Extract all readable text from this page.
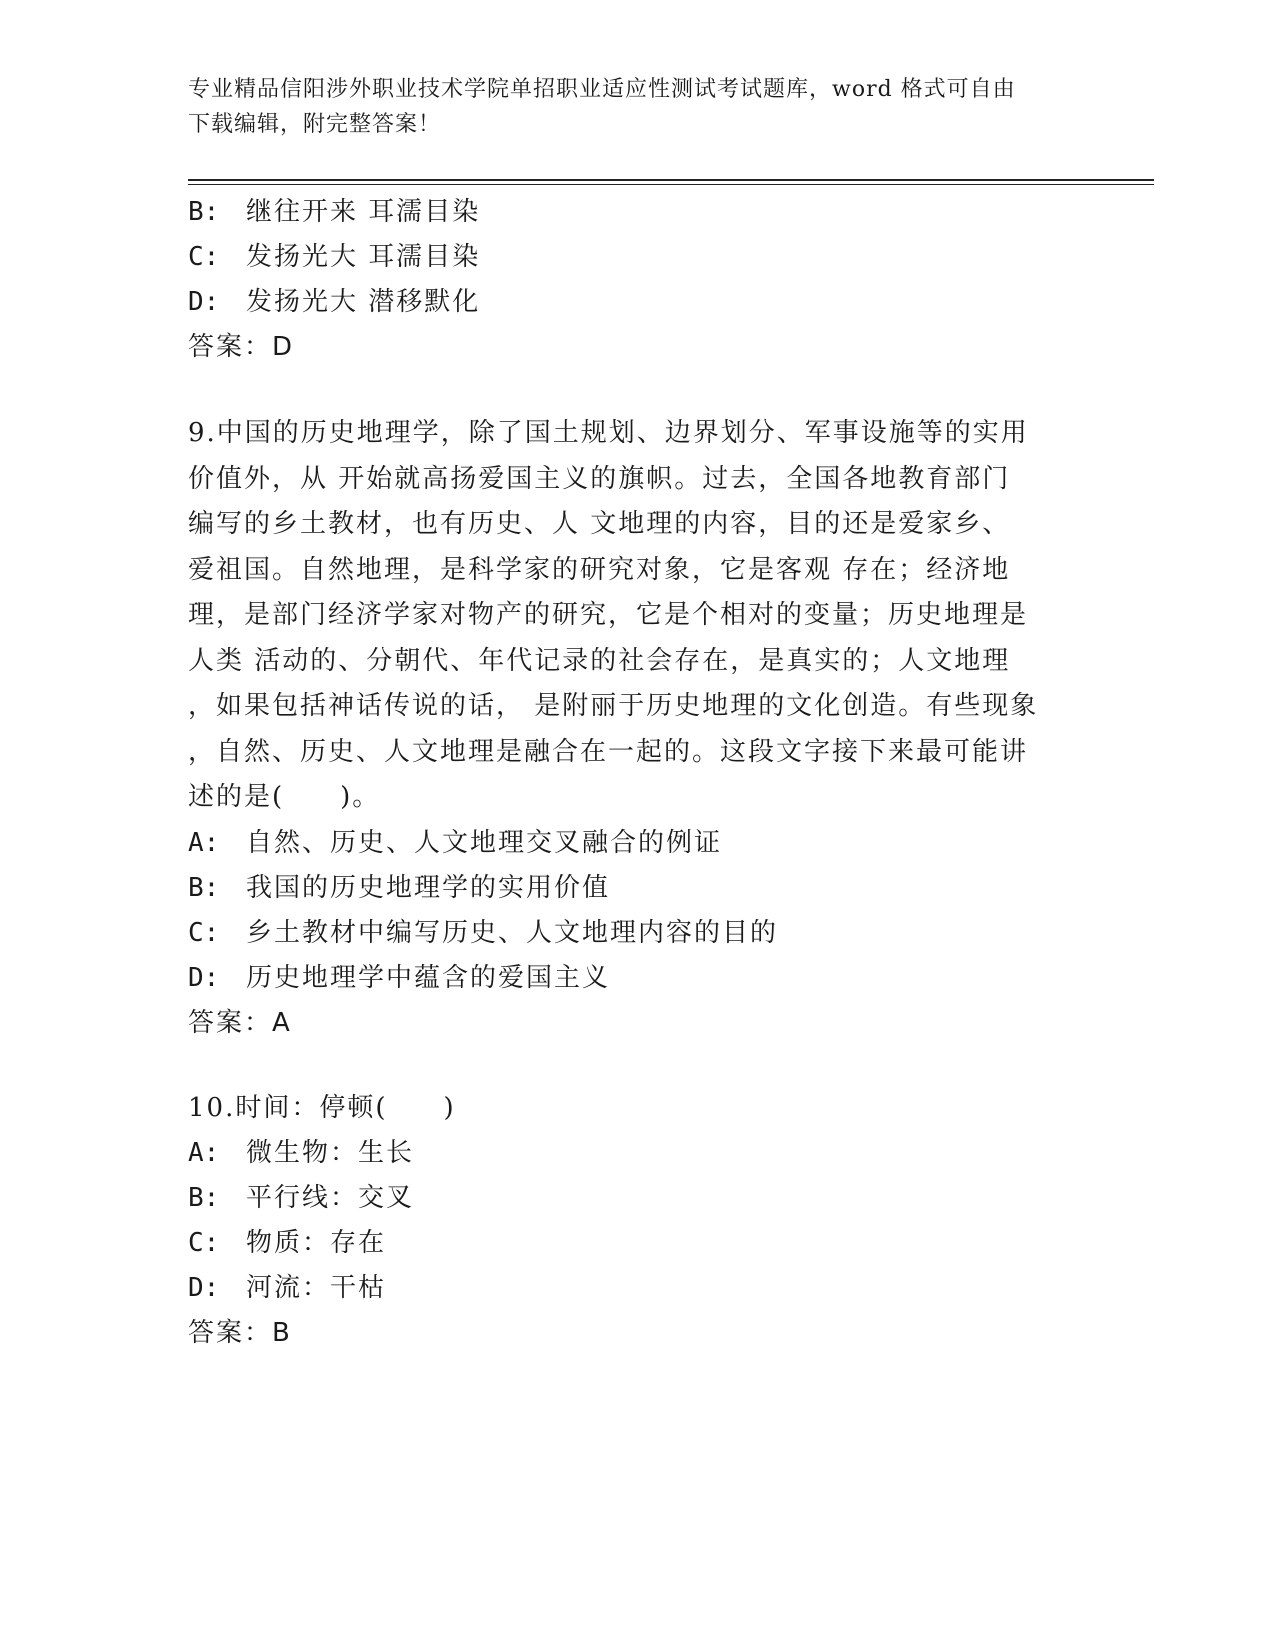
专业精品信阳涉外职业技术学院单招职业适应性测试考试题库，word 格式可自由
下载编辑，附完整答案！
B: 继往开来 耳濡目染
C: 发扬光大 耳濡目染
D: 发扬光大 潜移默化
答案：D
9.中国的历史地理学，除了国土规划、边界划分、军事设施等的实用
价值外，从 开始就高扬爱国主义的旗帜。过去，全国各地教育部门
编写的乡土教材，也有历史、人 文地理的内容，目的还是爱家乡、
爱祖国。自然地理，是科学家的研究对象，它是客观 存在；经济地
理，是部门经济学家对物产的研究，它是个相对的变量；历史地理是
人类 活动的、分朝代、年代记录的社会存在，是真实的；人文地理
，如果包括神话传说的话， 是附丽于历史地理的文化创造。有些现象
，自然、历史、人文地理是融合在一起的。这段文字接下来最可能讲
述的是(　　)。
A: 自然、历史、人文地理交叉融合的例证
B: 我国的历史地理学的实用价值
C: 乡土教材中编写历史、人文地理内容的目的
D: 历史地理学中蕴含的爱国主义
答案：A
10.时间：停顿(　　)
A: 微生物：生长
B: 平行线：交叉
C: 物质：存在
D: 河流：干枯
答案：B
